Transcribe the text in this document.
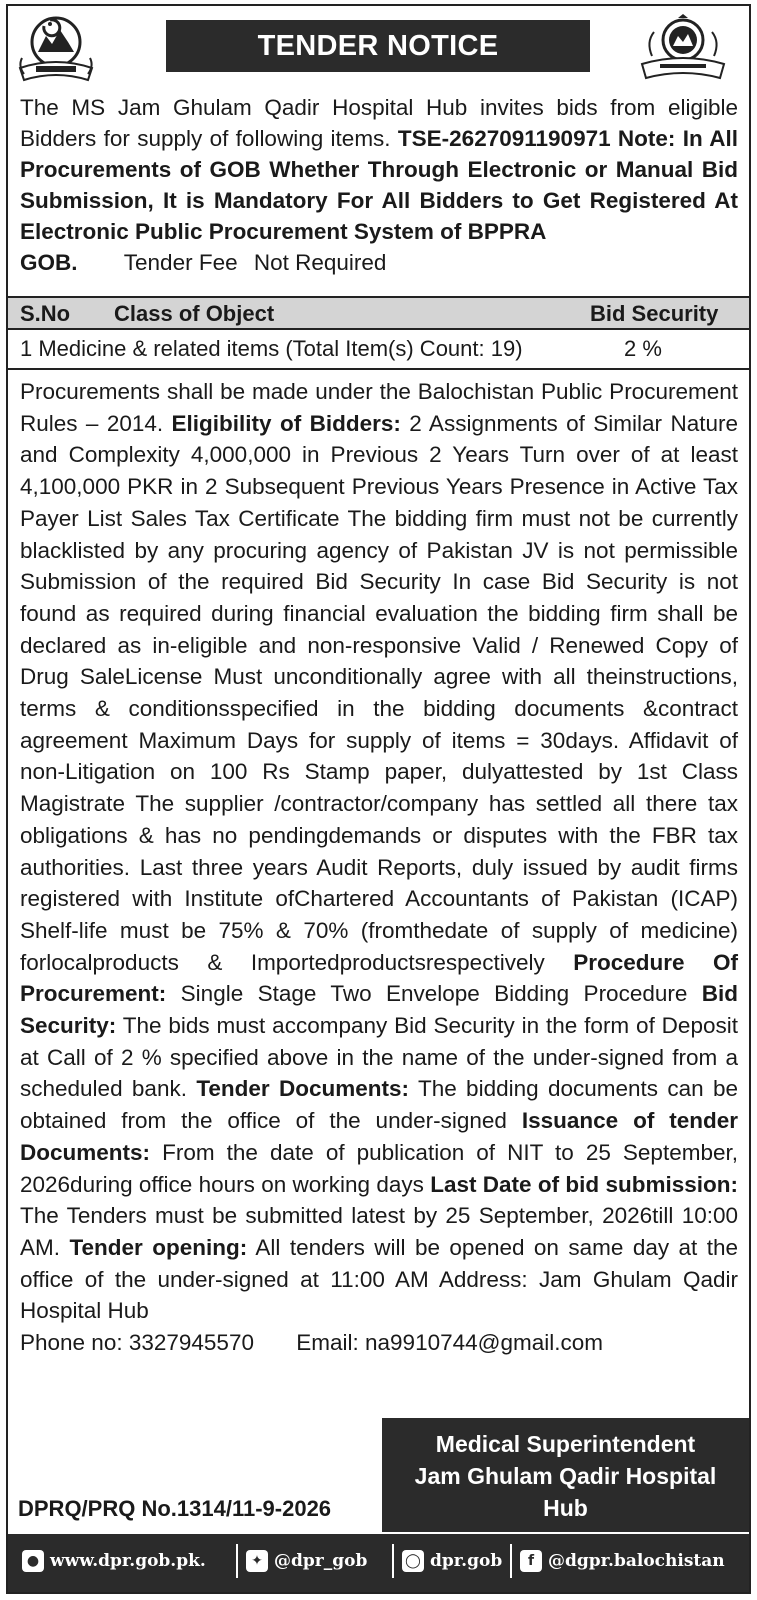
TENDER NOTICE
The MS Jam Ghulam Qadir Hospital Hub invites bids from eligible Bidders for supply of following items. TSE-2627091190971 Note: In All Procurements of GOB Whether Through Electronic or Manual Bid Submission, It is Mandatory For All Bidders to Get Registered At Electronic Public Procurement System of BPPRA
GOB. Tender Fee Not Required
S.No Class of Object	Bid Security
1 Medicine & related items (Total Item(s) Count: 19)	2 %
Procurements shall be made under the Balochistan Public Procurement Rules – 2014. Eligibility of Bidders: 2 Assignments of Similar Nature and Complexity 4,000,000 in Previous 2 Years Turn over of at least 4,100,000 PKR in 2 Subsequent Previous Years Presence in Active Tax Payer List Sales Tax Certificate The bidding firm must not be currently blacklisted by any procuring agency of Pakistan JV is not permissible Submission of the required Bid Security In case Bid Security is not found as required during financial evaluation the bidding firm shall be declared as in-eligible and non-responsive Valid / Renewed Copy of Drug SaleLicense Must unconditionally agree with all theinstructions, terms & conditionsspecified in the bidding documents &contract agreement Maximum Days for supply of items = 30days. Affidavit of non-Litigation on 100 Rs Stamp paper, dulyattested by 1st Class Magistrate The supplier /contractor/company has settled all there tax obligations & has no pendingdemands or disputes with the FBR tax authorities. Last three years Audit Reports, duly issued by audit firms registered with Institute ofChartered Accountants of Pakistan (ICAP) Shelf-life must be 75% & 70% (fromthedate of supply of medicine) forlocalproducts & Importedproductsrespectively Procedure Of Procurement: Single Stage Two Envelope Bidding Procedure Bid Security: The bids must accompany Bid Security in the form of Deposit at Call of 2 % specified above in the name of the under-signed from a scheduled bank. Tender Documents: The bidding documents can be obtained from the office of the under-signed Issuance of tender Documents: From the date of publication of NIT to 25 September, 2026during office hours on working days Last Date of bid submission: The Tenders must be submitted latest by 25 September, 2026till 10:00 AM. Tender opening: All tenders will be opened on same day at the office of the under-signed at 11:00 AM Address: Jam Ghulam Qadir Hospital Hub
Phone no: 3327945570 Email: na9910744@gmail.com
Medical Superintendent
Jam Ghulam Qadir Hospital
Hub
DPRQ/PRQ No.1314/11-9-2026
● www.dpr.gob.pk.	✦ @dpr_gob	◯ dpr.gob	f @dgpr.balochistan
